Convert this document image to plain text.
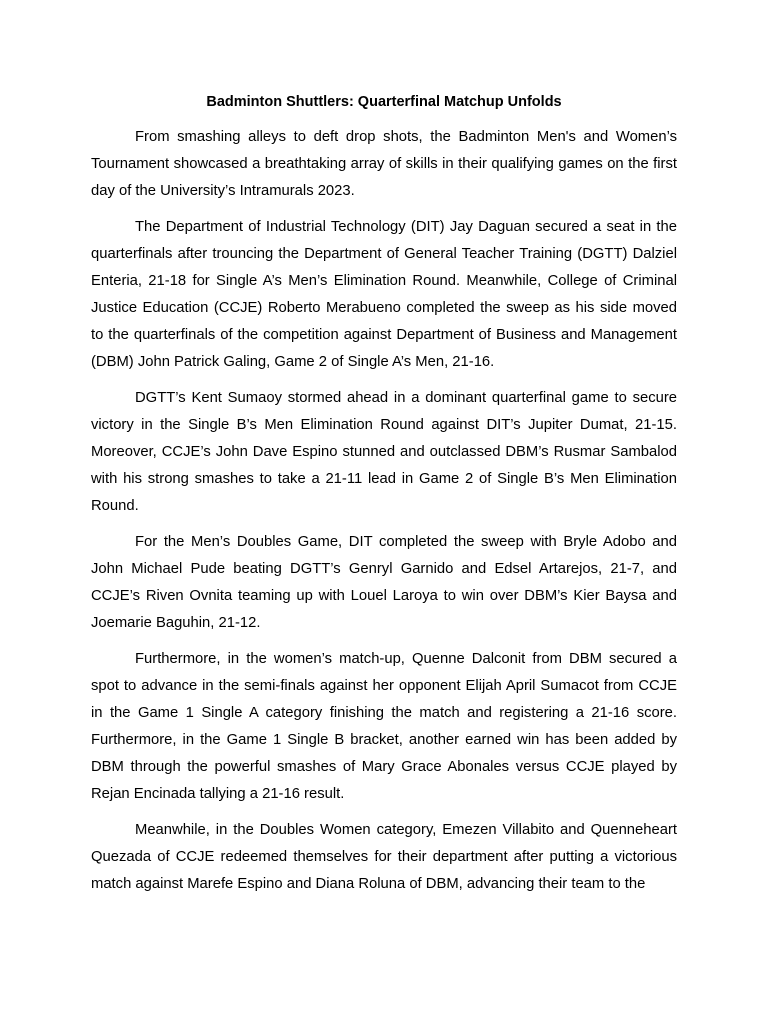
Badminton Shuttlers: Quarterfinal Matchup Unfolds

From smashing alleys to deft drop shots, the Badminton Men's and Women’s Tournament showcased a breathtaking array of skills in their qualifying games on the first day of the University’s Intramurals 2023.

The Department of Industrial Technology (DIT) Jay Daguan secured a seat in the quarterfinals after trouncing the Department of General Teacher Training (DGTT) Dalziel Enteria, 21-18 for Single A’s Men’s Elimination Round. Meanwhile, College of Criminal Justice Education (CCJE) Roberto Merabueno completed the sweep as his side moved to the quarterfinals of the competition against Department of Business and Management (DBM) John Patrick Galing, Game 2 of Single A’s Men, 21-16.

DGTT’s Kent Sumaoy stormed ahead in a dominant quarterfinal game to secure victory in the Single B’s Men Elimination Round against DIT’s Jupiter Dumat, 21-15. Moreover, CCJE’s John Dave Espino stunned and outclassed DBM’s Rusmar Sambalod with his strong smashes to take a 21-11 lead in Game 2 of Single B’s Men Elimination Round.

For the Men’s Doubles Game, DIT completed the sweep with Bryle Adobo and John Michael Pude beating DGTT’s Genryl Garnido and Edsel Artarejos, 21-7, and CCJE’s Riven Ovnita teaming up with Louel Laroya to win over DBM’s Kier Baysa and Joemarie Baguhin, 21-12.

Furthermore, in the women’s match-up, Quenne Dalconit from DBM secured a spot to advance in the semi-finals against her opponent Elijah April Sumacot from CCJE in the Game 1 Single A category finishing the match and registering a 21-16 score. Furthermore, in the Game 1 Single B bracket, another earned win has been added by DBM through the powerful smashes of Mary Grace Abonales versus CCJE played by Rejan Encinada tallying a 21-16 result.

Meanwhile, in the Doubles Women category, Emezen Villabito and Quenneheart Quezada of CCJE redeemed themselves for their department after putting a victorious match against Marefe Espino and Diana Roluna of DBM, advancing their team to the
